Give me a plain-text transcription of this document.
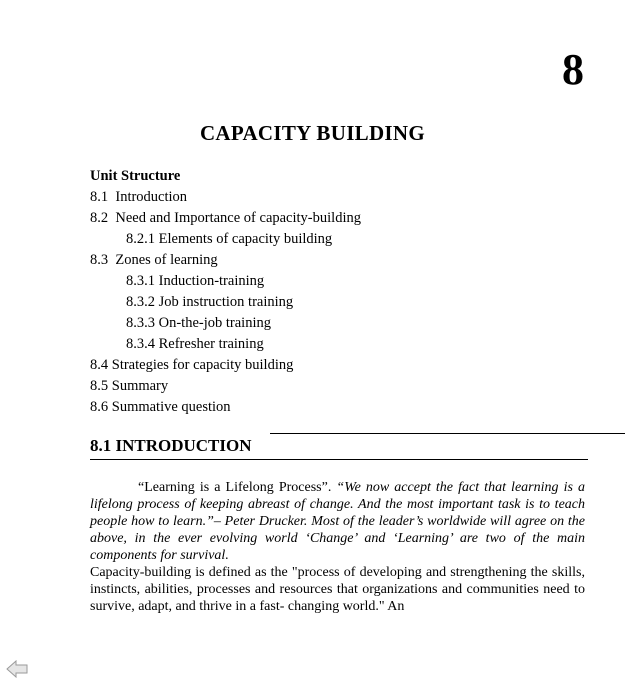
8
CAPACITY BUILDING
Unit Structure
8.1 Introduction
8.2 Need and Importance of capacity-building
8.2.1 Elements of capacity building
8.3 Zones of learning
8.3.1 Induction-training
8.3.2 Job instruction training
8.3.3 On-the-job training
8.3.4 Refresher training
8.4 Strategies for capacity building
8.5 Summary
8.6 Summative question
8.1 INTRODUCTION

“Learning is a Lifelong Process”. “We now accept the fact that learning is a lifelong process of keeping abreast of change. And the most important task is to teach people how to learn.”– Peter Drucker. Most of the leader’s worldwide will agree on the above, in the ever evolving world ‘Change’ and ‘Learning’ are two of the main components for survival.

Capacity-building is defined as the "process of developing and strengthening the skills, instincts, abilities, processes and resources that organizations and communities need to survive, adapt, and thrive in a fast- changing world." An
